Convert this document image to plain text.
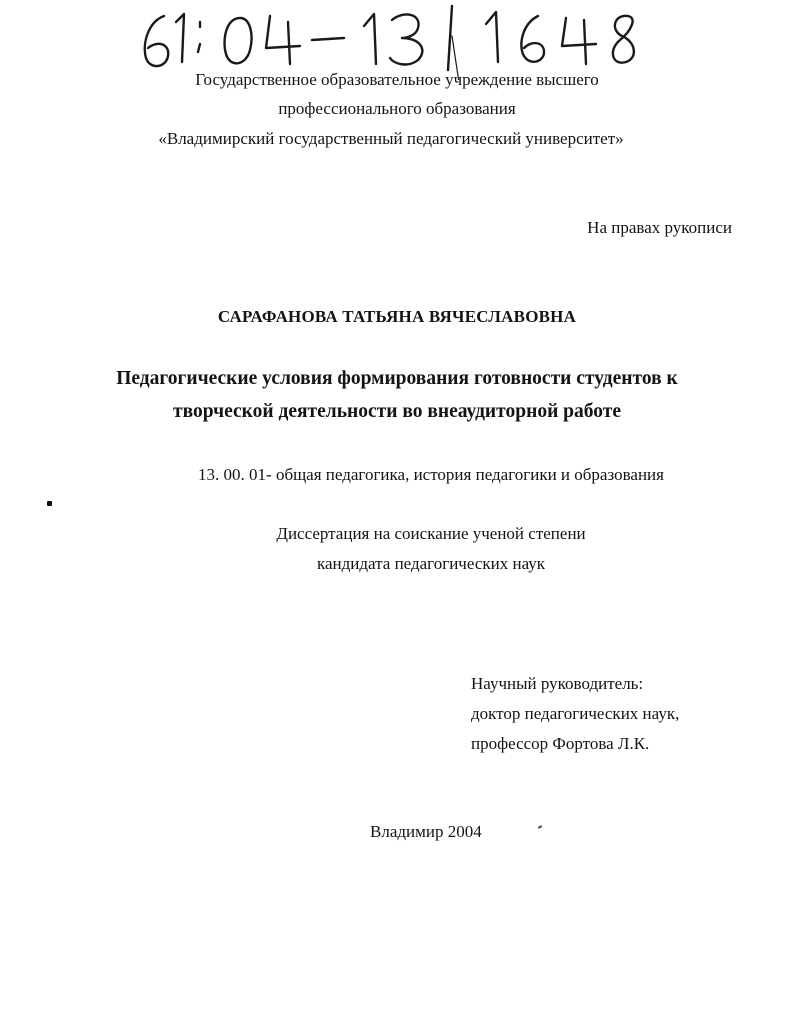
Государственное образовательное учреждение высшего
профессионального образования
«Владимирский государственный педагогический университет»
На правах рукописи
САРАФАНОВА ТАТЬЯНА ВЯЧЕСЛАВОВНА
Педагогические условия формирования готовности студентов к
творческой деятельности во внеаудиторной работе
13. 00. 01- общая педагогика, история педагогики и образования
Диссертация на соискание ученой степени
кандидата педагогических наук
Научный руководитель:
доктор педагогических наук,
профессор Фортова Л.К.
Владимир 2004
